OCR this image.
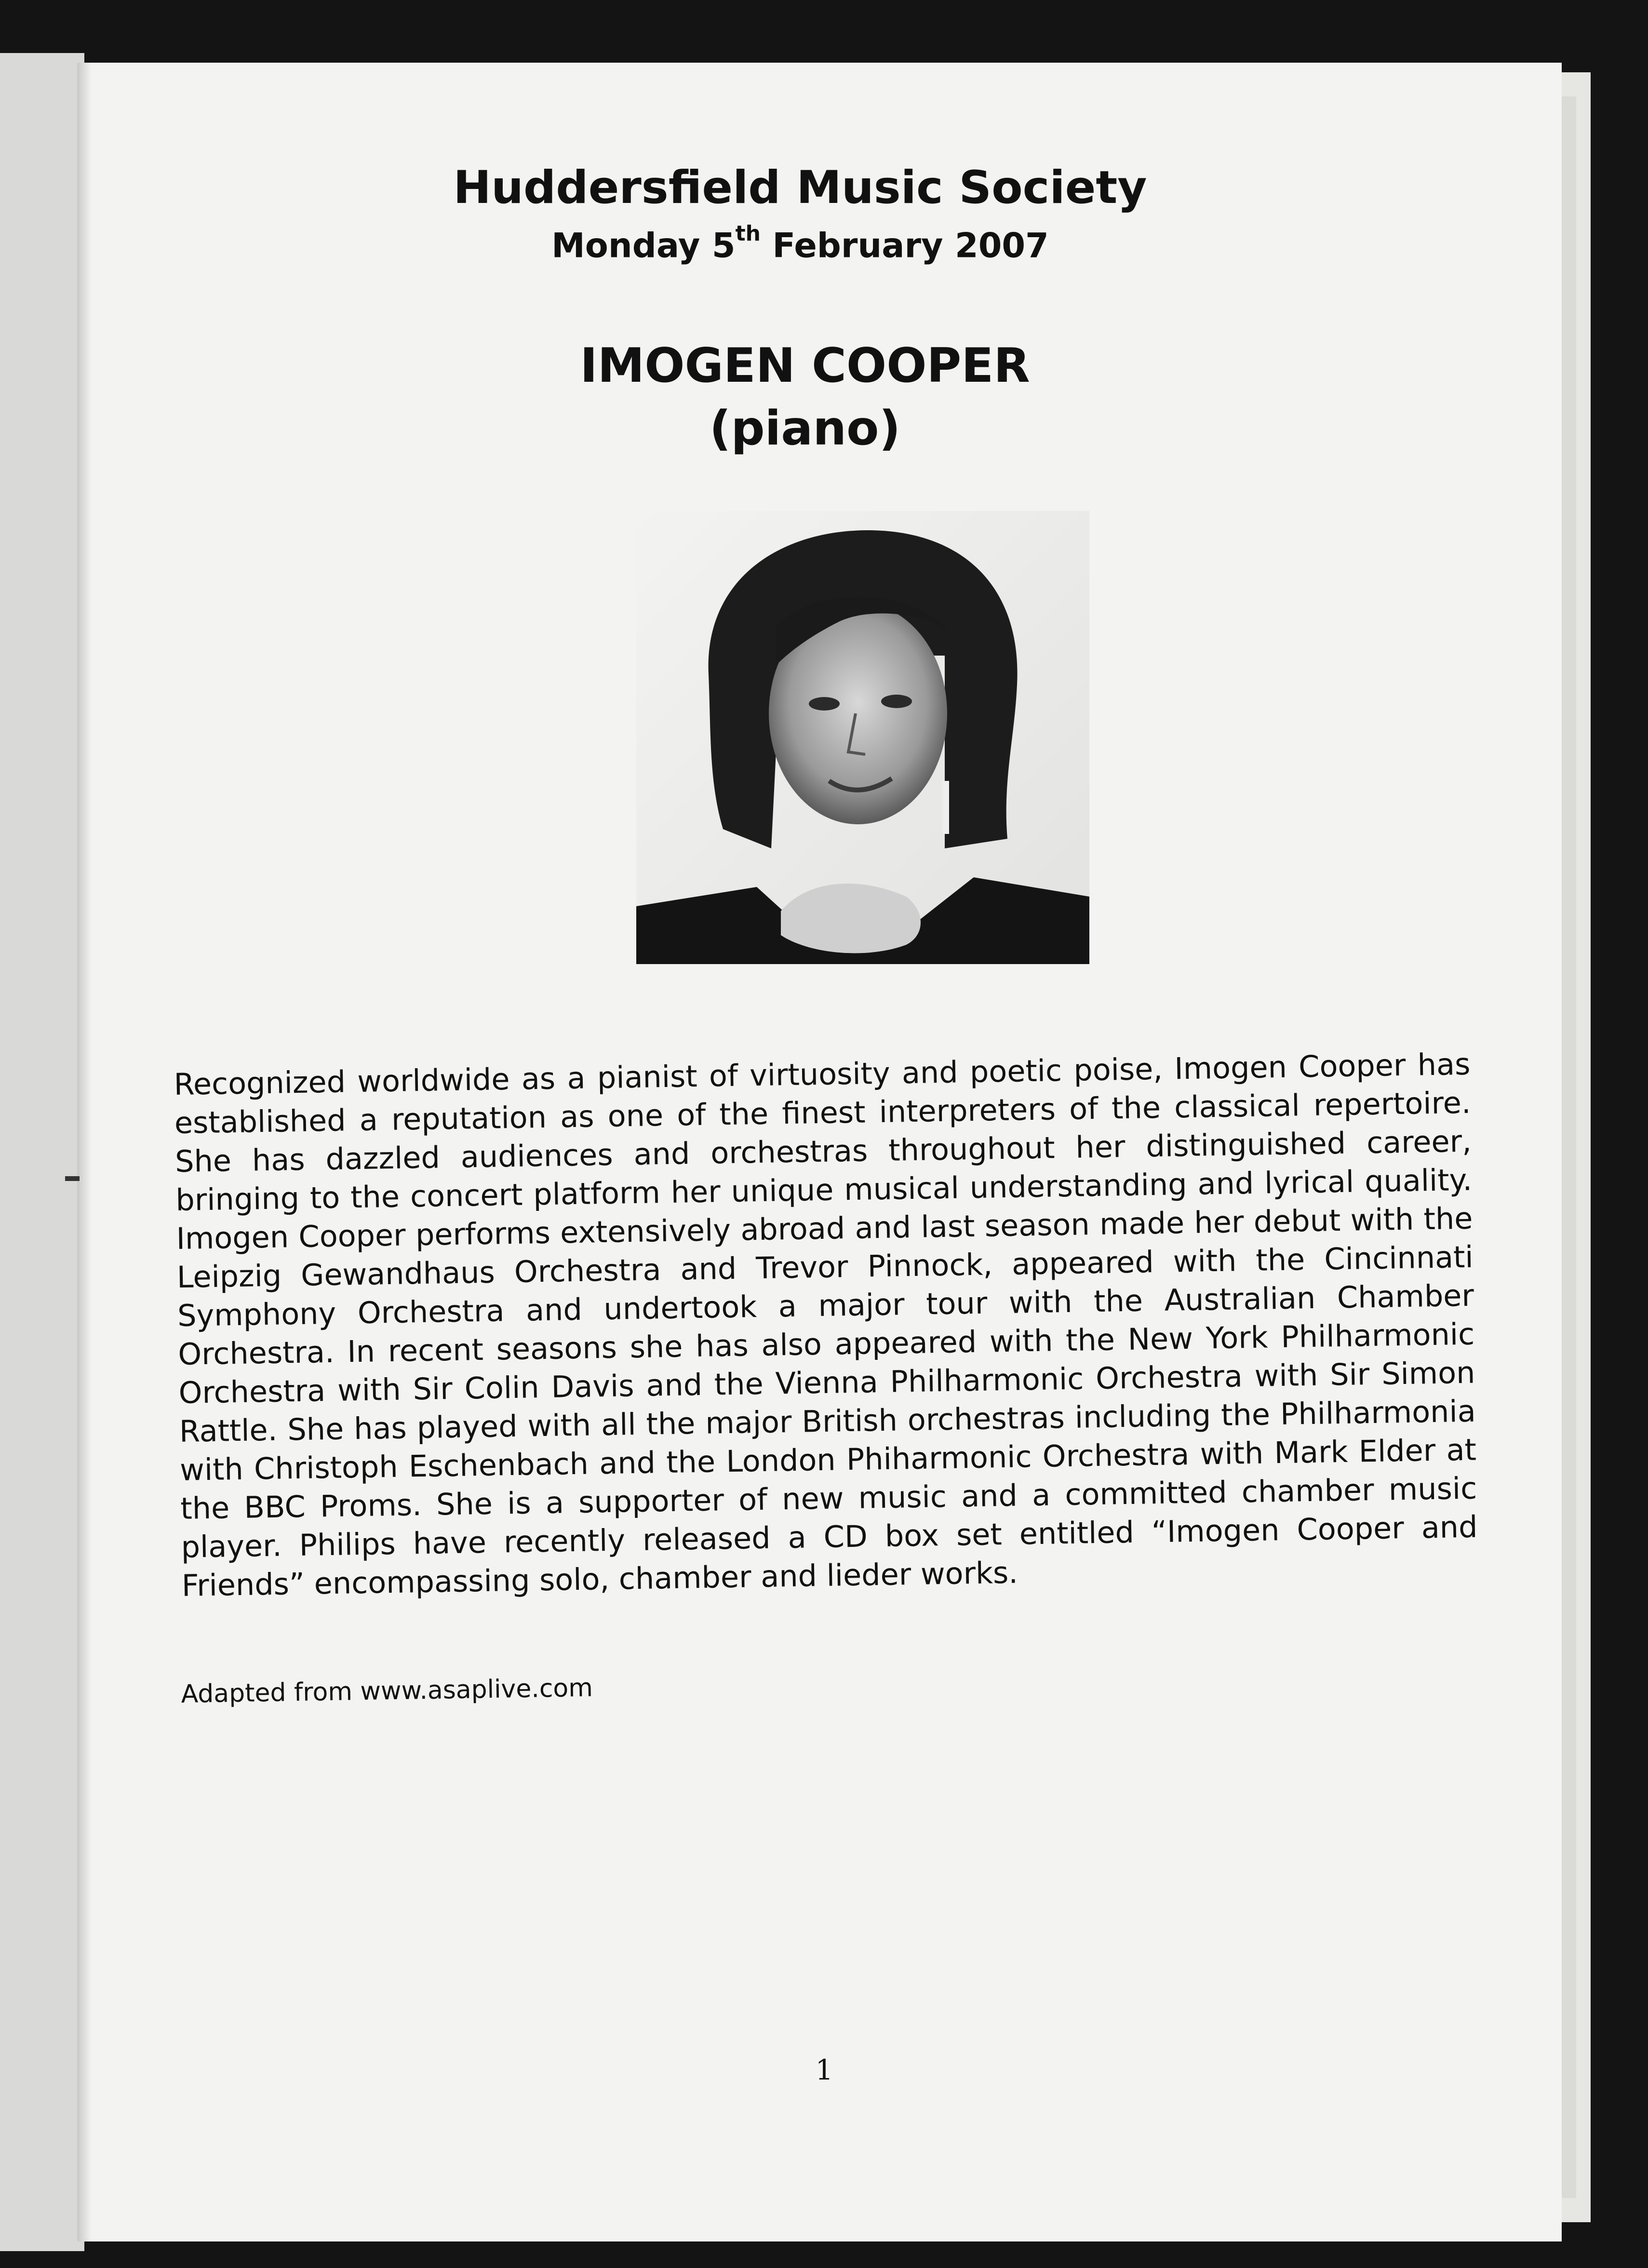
Huddersfield Music Society
Monday 5th February 2007
IMOGEN COOPER
(piano)
Recognized worldwide as a pianist of virtuosity and poetic poise, Imogen Cooper has established a reputation as one of the finest interpreters of the classical repertoire. She has dazzled audiences and orchestras throughout her distinguished career, bringing to the concert platform her unique musical understanding and lyrical quality. Imogen Cooper performs extensively abroad and last season made her debut with the Leipzig Gewandhaus Orchestra and Trevor Pinnock, appeared with the Cincinnati Symphony Orchestra and undertook a major tour with the Australian Chamber Orchestra. In recent seasons she has also appeared with the New York Philharmonic Orchestra with Sir Colin Davis and the Vienna Philharmonic Orchestra with Sir Simon Rattle. She has played with all the major British orchestras including the Philharmonia with Christoph Eschenbach and the London Phiharmonic Orchestra with Mark Elder at the BBC Proms. She is a supporter of new music and a committed chamber music player. Philips have recently released a CD box set entitled “Imogen Cooper and Friends” encompassing solo, chamber and lieder works.
Adapted from www.asaplive.com
1
